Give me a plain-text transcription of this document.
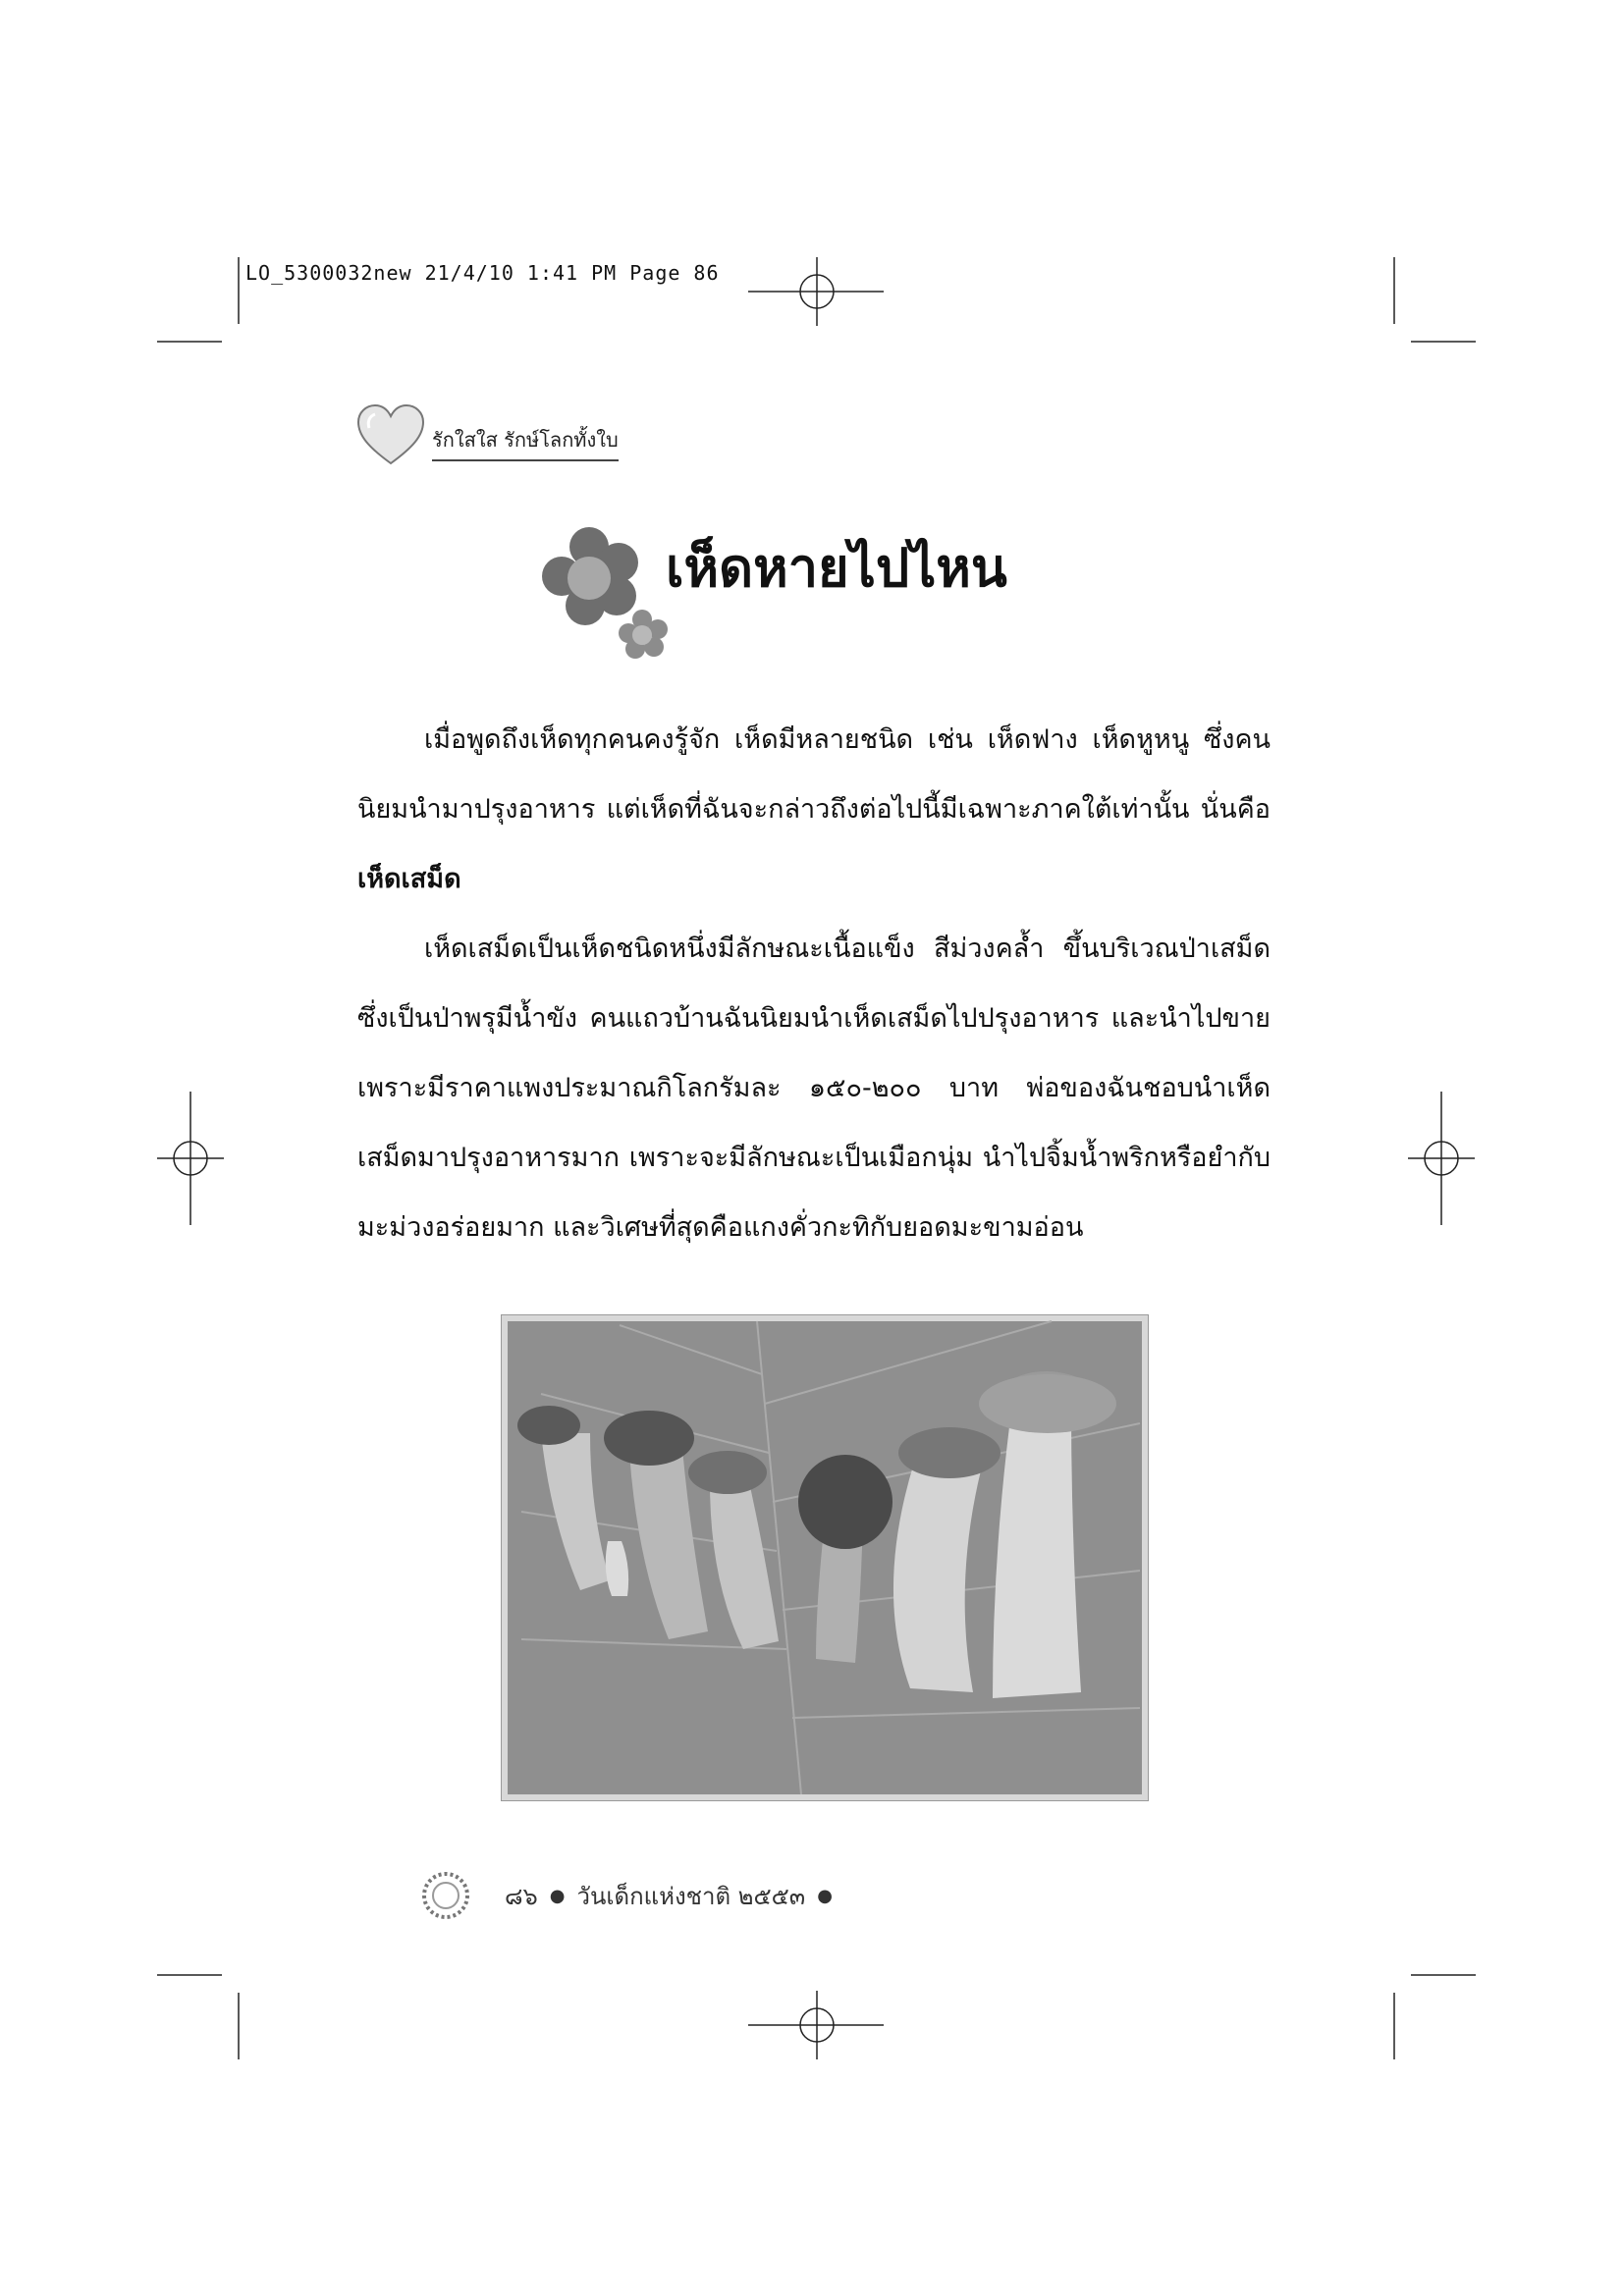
LO_5300032new 21/4/10 1:41 PM Page 86
รักใสใส รักษ์โลกทั้งใบ
เห็ดหายไปไหน

เมื่อพูดถึงเห็ดทุกคนคงรู้จัก เห็ดมีหลายชนิด เช่น เห็ดฟาง เห็ดหูหนู ซึ่งคนนิยมนำมาปรุงอาหาร แต่เห็ดที่ฉันจะกล่าวถึงต่อไปนี้มีเฉพาะภาคใต้เท่านั้น นั่นคือ เห็ดเสม็ด

เห็ดเสม็ดเป็นเห็ดชนิดหนึ่งมีลักษณะเนื้อแข็ง สีม่วงคล้ำ ขึ้นบริเวณป่าเสม็ด ซึ่งเป็นป่าพรุมีน้ำขัง คนแถวบ้านฉันนิยมนำเห็ดเสม็ดไปปรุงอาหาร และนำไปขายเพราะมีราคาแพงประมาณกิโลกรัมละ ๑๕๐-๒๐๐ บาท พ่อของฉันชอบนำเห็ดเสม็ดมาปรุงอาหารมาก เพราะจะมีลักษณะเป็นเมือกนุ่ม นำไปจิ้มน้ำพริกหรือยำกับมะม่วงอร่อยมาก และวิเศษที่สุดคือแกงคั่วกะทิกับยอดมะขามอ่อน

๘๖ ● วันเด็กแห่งชาติ ๒๕๕๓ ●
